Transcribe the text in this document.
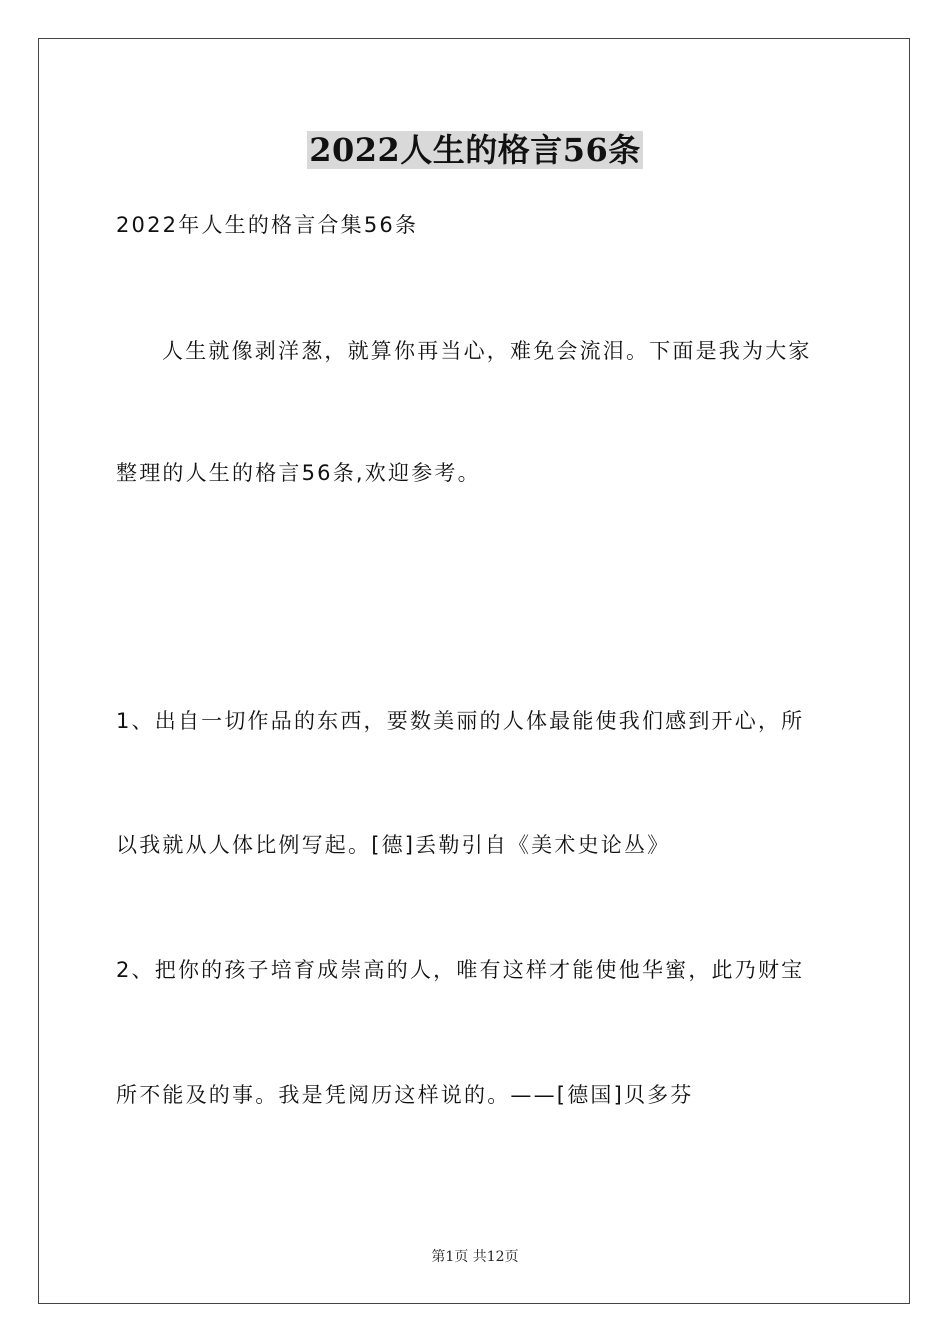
2022人生的格言56条
2022年人生的格言合集56条
人生就像剥洋葱，就算你再当心，难免会流泪。下面是我为大家
整理的人生的格言56条,欢迎参考。
1、出自一切作品的东西，要数美丽的人体最能使我们感到开心，所
以我就从人体比例写起。[德]丢勒引自《美术史论丛》
2、把你的孩子培育成崇高的人，唯有这样才能使他华蜜，此乃财宝
所不能及的事。我是凭阅历这样说的。——[德国]贝多芬
第1页 共12页
